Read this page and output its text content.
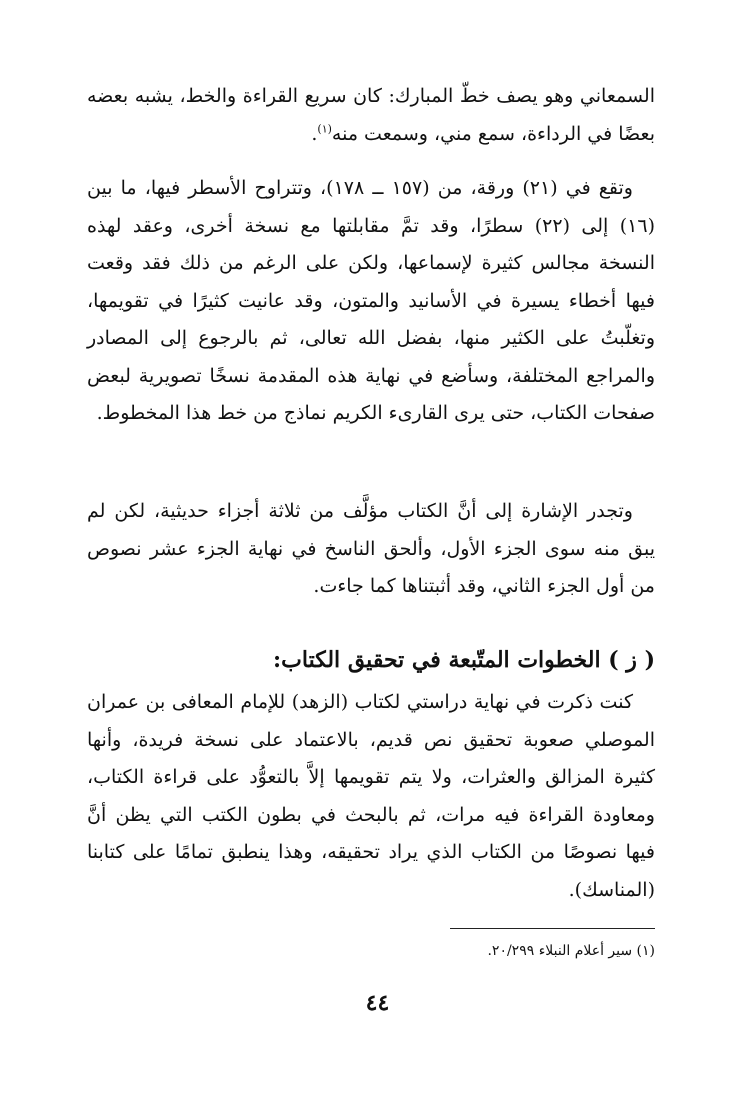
السمعاني وهو يصف خطّ المبارك: كان سريع القراءة والخط، يشبه بعضه بعضًا في الرداءة، سمع مني، وسمعت منه$^{(١)}$.

وتقع في (٢١) ورقة، من (١٥٧ ــ ١٧٨)، وتتراوح الأسطر فيها، ما بين (١٦) إلى (٢٢) سطرًا، وقد تمَّ مقابلتها مع نسخة أخرى، وعقد لهذه النسخة مجالس كثيرة لإسماعها، ولكن على الرغم من ذلك فقد وقعت فيها أخطاء يسيرة في الأسانيد والمتون، وقد عانيت كثيرًا في تقويمها، وتغلّبتُ على الكثير منها، بفضل الله تعالى، ثم بالرجوع إلى المصادر والمراجع المختلفة، وسأضع في نهاية هذه المقدمة نسخًا تصويرية لبعض صفحات الكتاب، حتى يرى القارىء الكريم نماذج من خط هذا المخطوط.

وتجدر الإشارة إلى أنَّ الكتاب مؤلَّف من ثلاثة أجزاء حديثية، لكن لم يبق منه سوى الجزء الأول، وألحق الناسخ في نهاية الجزء عشر نصوص من أول الجزء الثاني، وقد أثبتناها كما جاءت.

( ز ) الخطوات المتّبعة في تحقيق الكتاب:

كنت ذكرت في نهاية دراستي لكتاب (الزهد) للإمام المعافى بن عمران الموصلي صعوبة تحقيق نص قديم، بالاعتماد على نسخة فريدة، وأنها كثيرة المزالق والعثرات، ولا يتم تقويمها إلاَّ بالتعوُّد على قراءة الكتاب، ومعاودة القراءة فيه مرات، ثم بالبحث في بطون الكتب التي يظن أنَّ فيها نصوصًا من الكتاب الذي يراد تحقيقه، وهذا ينطبق تمامًا على كتابنا (المناسك).

(١) سير أعلام النبلاء ٢٠/٢٩٩.
٤٤
